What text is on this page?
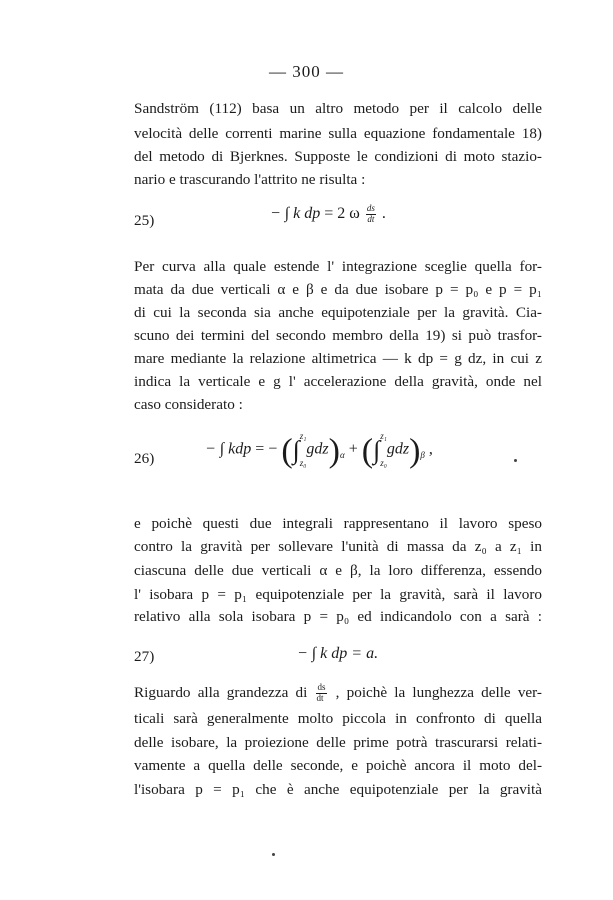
— 300 —
Sandström (112) basa un altro metodo per il calcolo delle
velocità delle correnti marine sulla equazione fondamentale 18)
del metodo di Bjerknes. Supposte le condizioni di moto stazio-
nario e trascurando l'attrito ne risulta :
25)	− ∫ k dp = 2 ω $\frac{ds}{dt}$ .
Per curva alla quale estende l' integrazione sceglie quella for-
mata da due verticali α e β e da due isobare p = p₀ e p = p₁
di cui la seconda sia anche equipotenziale per la gravità. Cia-
scuno dei termini del secondo membro della 19) si può trasfor-
mare mediante la relazione altimetrica — k dp = g dz, in cui z
indica la verticale e g l' accelerazione della gravità, onde nel
caso considerato :
26)
− ∫ kdp = − (∫ z₁
z₀
$gdz)_\alpha$ + (∫ z₁
z₀
$gdz)_\beta$ ,
e poichè questi due integrali rappresentano il lavoro speso
contro la gravità per sollevare l'unità di massa da z₀ a z₁ in
ciascuna delle due verticali α e β, la loro differenza, essendo
l' isobara p = p₁ equipotenziale per la gravità, sarà il lavoro
relativo alla sola isobara p = p₀ ed indicandolo con a sarà :
27)	− ∫ k dp = a.
Riguardo alla grandezza di $\frac{ds}{dt}$ , poichè la lunghezza delle ver-
ticali sarà generalmente molto piccola in confronto di quella
delle isobare, la proiezione delle prime potrà trascurarsi relati-
vamente a quella delle seconde, e poichè ancora il moto del-
l'isobara p = p₁ che è anche equipotenziale per la gravità
